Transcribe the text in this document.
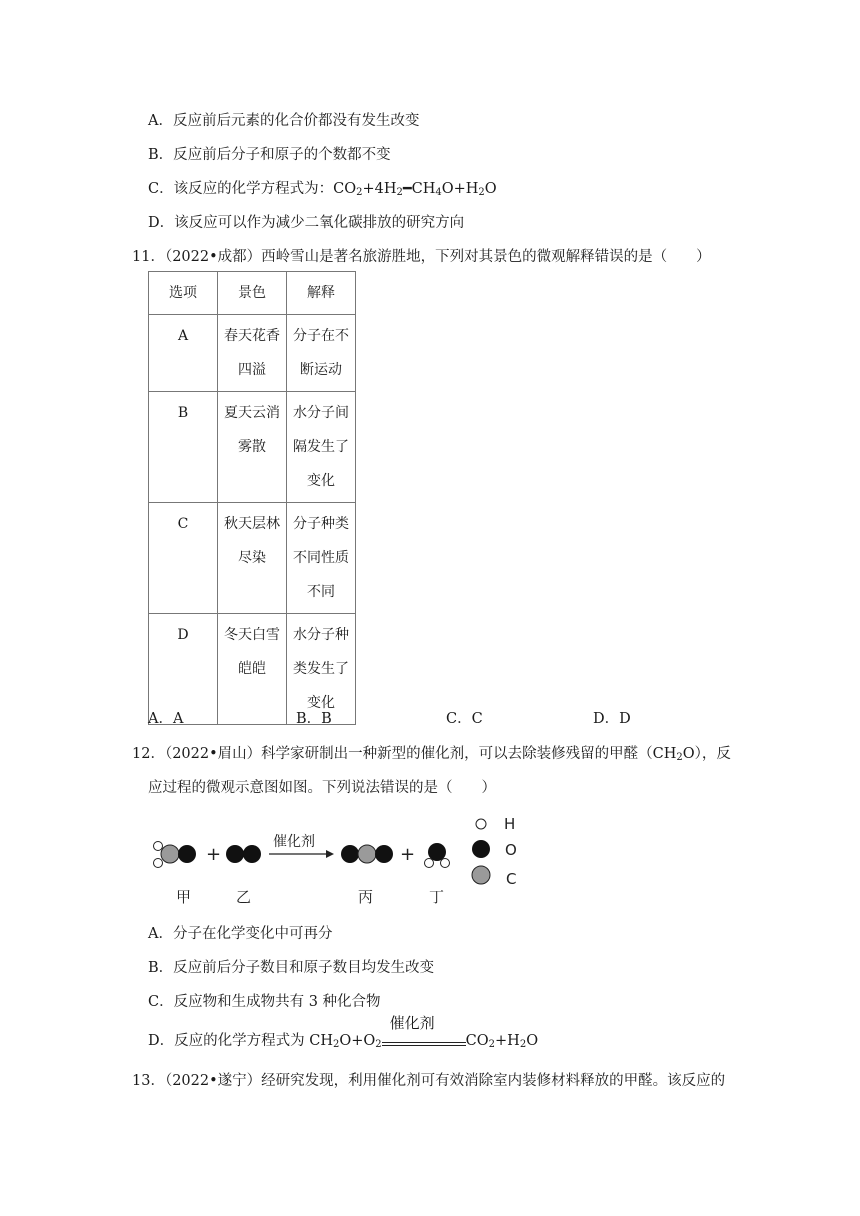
A．反应前后元素的化合价都没有发生改变
B．反应前后分子和原子的个数都不变
C．该反应的化学方程式为：$CO_2+4H_2━CH_4O+H_2O$
D．该反应可以作为减少二氧化碳排放的研究方向
11．（2022•成都）西岭雪山是著名旅游胜地，下列对其景色的微观解释错误的是（　　）
选项	景色	解释
A	春天花香四溢	分子在不断运动

B	夏天云消雾散	水分子间隔发生了变化

C	秋天层林尽染	分子种类不同性质不同

D	冬天白雪皑皑	水分子种类发生了变化
A．A	B．B	C．C	D．D
12．（2022•眉山）科学家研制出一种新型的催化剂，可以去除装修残留的甲醛$(CH_2O)$，反
应过程的微观示意图如图。下列说法错误的是（　　）
+
催化剂
+
甲	乙	丙	丁
H
O
C
A．分子在化学变化中可再分
B．反应前后分子数目和原子数目均发生改变
C．反应物和生成物共有 3 种化合物
D．反应的化学方程式为 $CH_2O+O_2$
催化剂
$CO_2+H_2O$
13．（2022•遂宁）经研究发现，利用催化剂可有效消除室内装修材料释放的甲醛。该反应的
